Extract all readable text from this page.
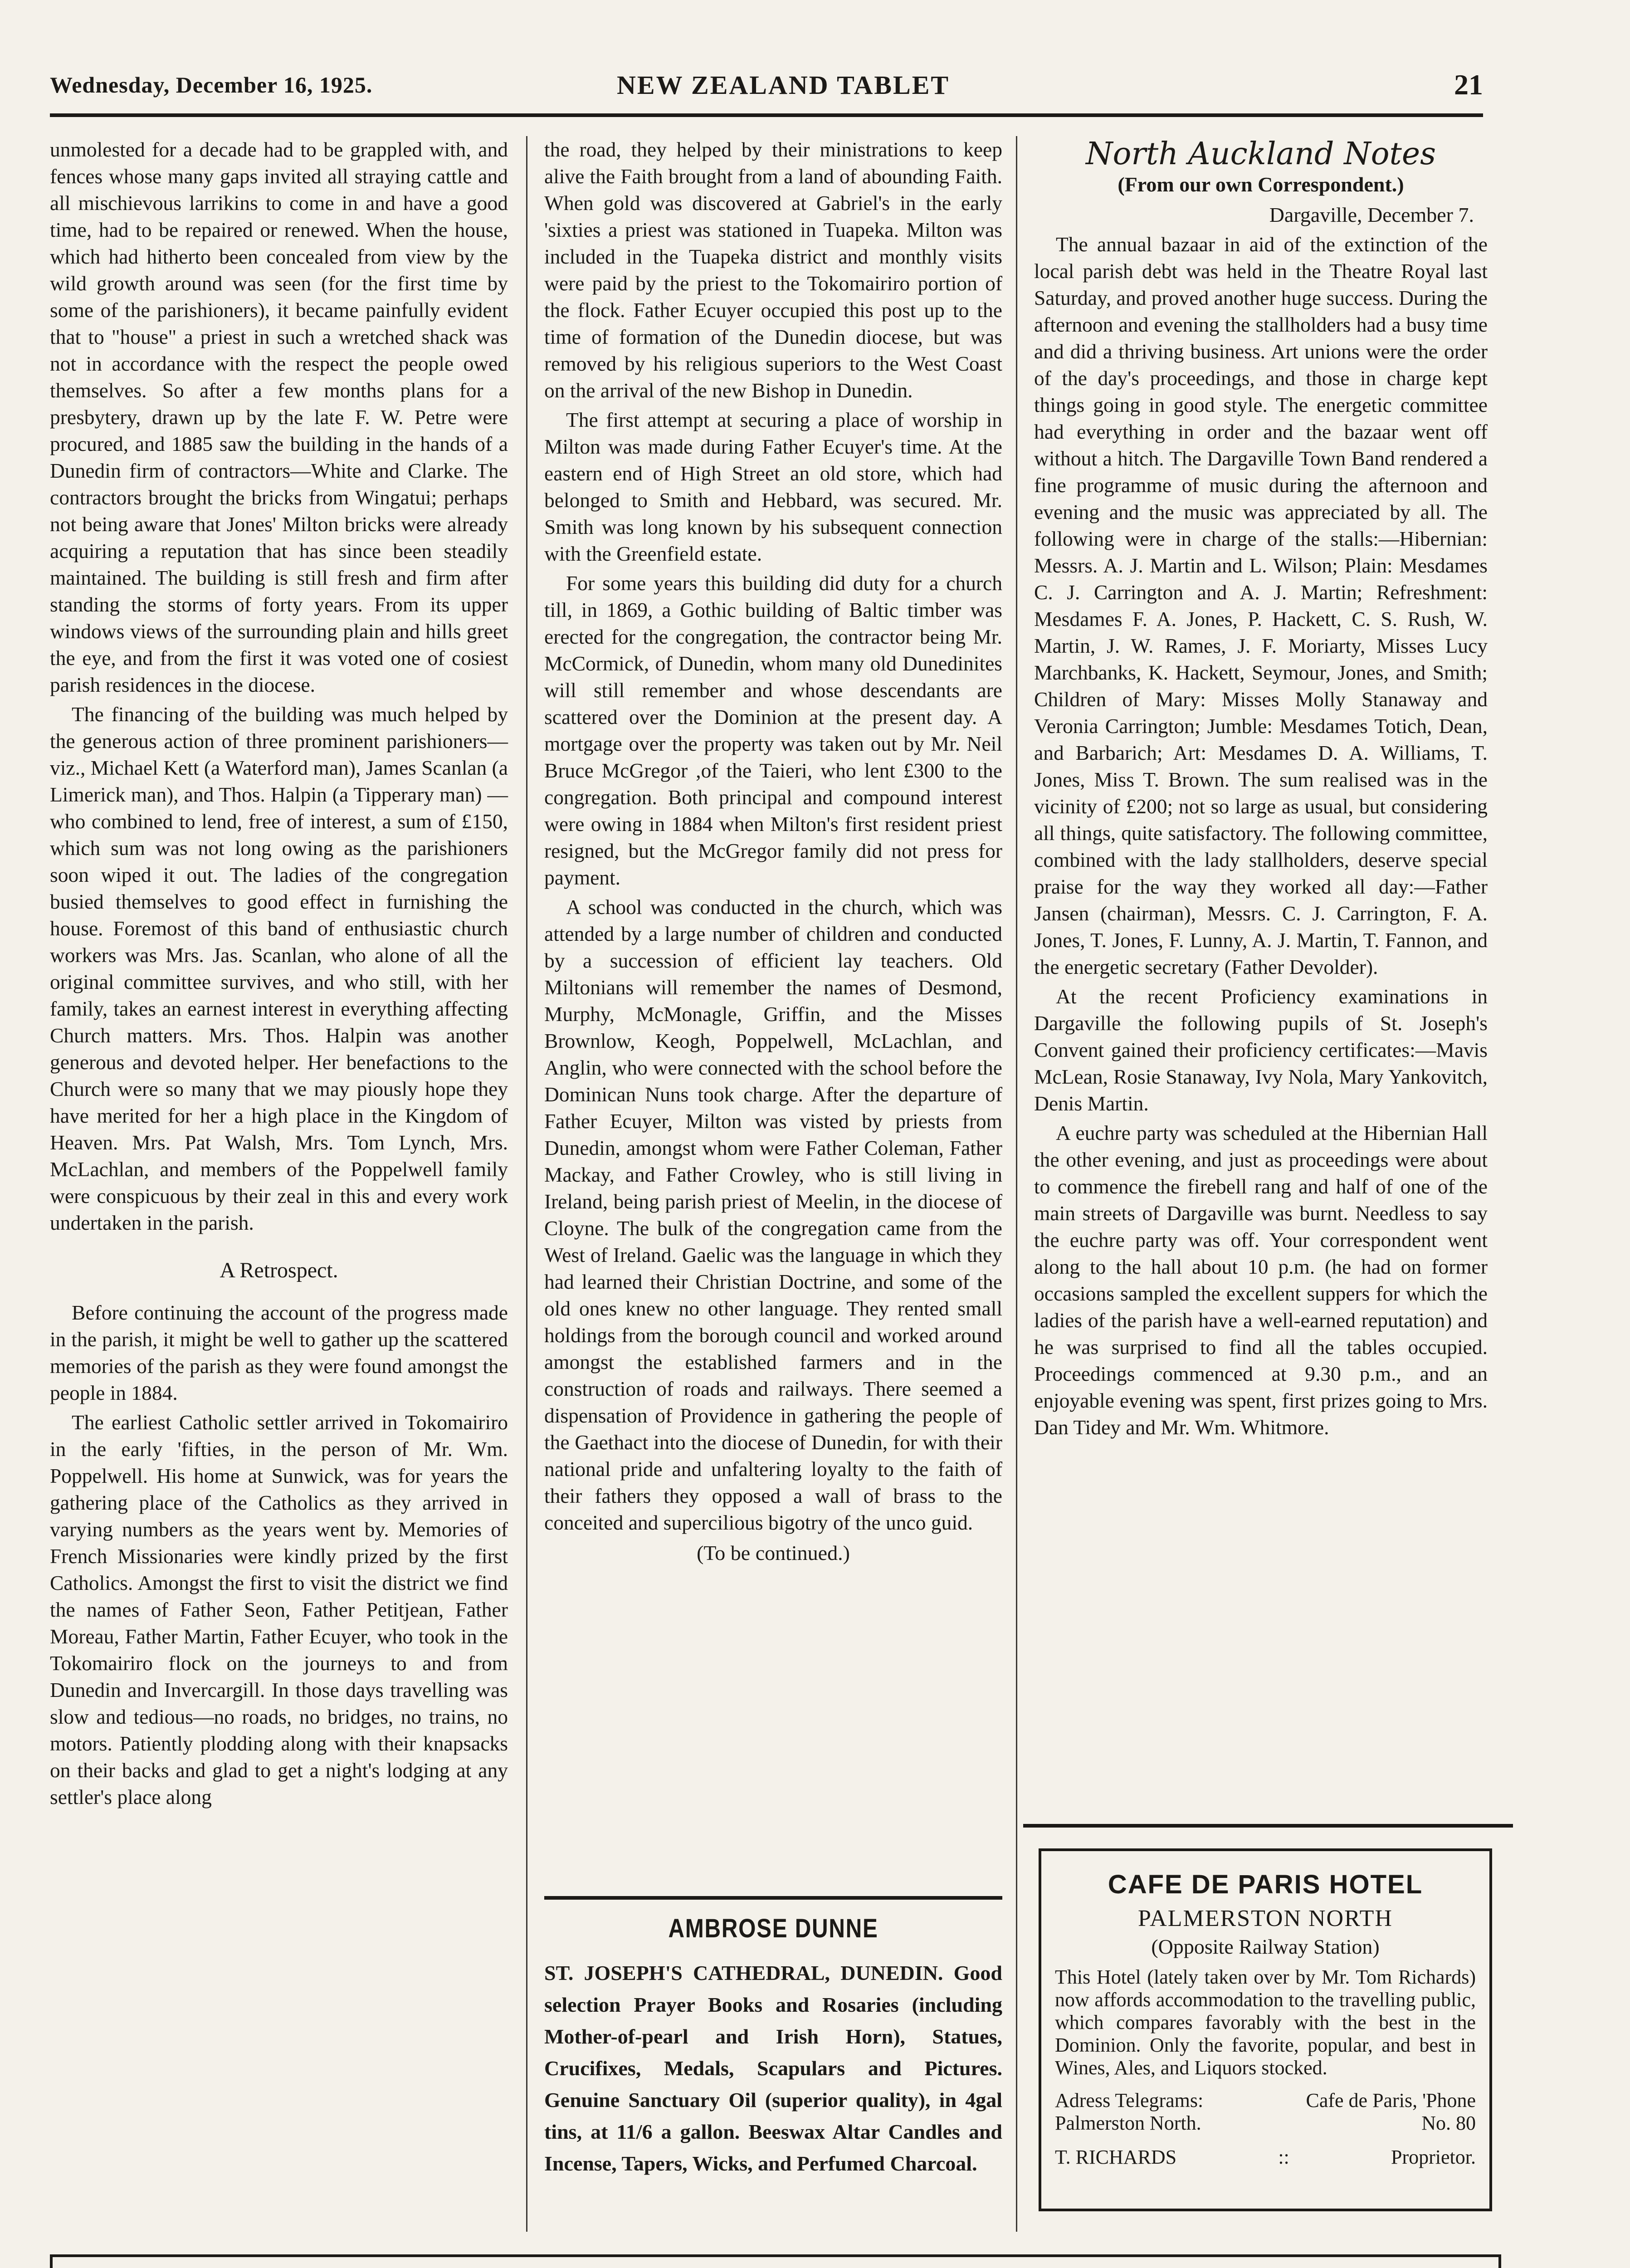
Wednesday, December 16, 1925.	NEW ZEALAND TABLET	21

unmolested for a decade had to be grappled with, and fences whose many gaps invited all straying cattle and all mischievous larrikins to come in and have a good time, had to be repaired or renewed. When the house, which had hitherto been concealed from view by the wild growth around was seen (for the first time by some of the parishioners), it became painfully evident that to "house" a priest in such a wretched shack was not in accordance with the respect the people owed themselves. So after a few months plans for a presbytery, drawn up by the late F. W. Petre were procured, and 1885 saw the building in the hands of a Dunedin firm of contractors—White and Clarke. The contractors brought the bricks from Wingatui; perhaps not being aware that Jones' Milton bricks were already acquiring a reputation that has since been steadily maintained. The building is still fresh and firm after standing the storms of forty years. From its upper windows views of the surrounding plain and hills greet the eye, and from the first it was voted one of cosiest parish residences in the diocese.

The financing of the building was much helped by the generous action of three prominent parishioners—viz., Michael Kett (a Waterford man), James Scanlan (a Limerick man), and Thos. Halpin (a Tipperary man) —who combined to lend, free of interest, a sum of £150, which sum was not long owing as the parishioners soon wiped it out. The ladies of the congregation busied themselves to good effect in furnishing the house. Foremost of this band of enthusiastic church workers was Mrs. Jas. Scanlan, who alone of all the original committee survives, and who still, with her family, takes an earnest interest in everything affecting Church matters. Mrs. Thos. Halpin was another generous and devoted helper. Her benefactions to the Church were so many that we may piously hope they have merited for her a high place in the Kingdom of Heaven. Mrs. Pat Walsh, Mrs. Tom Lynch, Mrs. McLachlan, and members of the Poppelwell family were conspicuous by their zeal in this and every work undertaken in the parish.

A Retrospect.

Before continuing the account of the progress made in the parish, it might be well to gather up the scattered memories of the parish as they were found amongst the people in 1884.

The earliest Catholic settler arrived in Tokomairiro in the early 'fifties, in the person of Mr. Wm. Poppelwell. His home at Sunwick, was for years the gathering place of the Catholics as they arrived in varying numbers as the years went by. Memories of French Missionaries were kindly prized by the first Catholics. Amongst the first to visit the district we find the names of Father Seon, Father Petitjean, Father Moreau, Father Martin, Father Ecuyer, who took in the Tokomairiro flock on the journeys to and from Dunedin and Invercargill. In those days travelling was slow and tedious—no roads, no bridges, no trains, no motors. Patiently plodding along with their knapsacks on their backs and glad to get a night's lodging at any settler's place along

the road, they helped by their ministrations to keep alive the Faith brought from a land of abounding Faith. When gold was discovered at Gabriel's in the early 'sixties a priest was stationed in Tuapeka. Milton was included in the Tuapeka district and monthly visits were paid by the priest to the Tokomairiro portion of the flock. Father Ecuyer occupied this post up to the time of formation of the Dunedin diocese, but was removed by his religious superiors to the West Coast on the arrival of the new Bishop in Dunedin.

The first attempt at securing a place of worship in Milton was made during Father Ecuyer's time. At the eastern end of High Street an old store, which had belonged to Smith and Hebbard, was secured. Mr. Smith was long known by his subsequent connection with the Greenfield estate.

For some years this building did duty for a church till, in 1869, a Gothic building of Baltic timber was erected for the congregation, the contractor being Mr. McCormick, of Dunedin, whom many old Dunedinites will still remember and whose descendants are scattered over the Dominion at the present day. A mortgage over the property was taken out by Mr. Neil Bruce McGregor ,of the Taieri, who lent £300 to the congregation. Both principal and compound interest were owing in 1884 when Milton's first resident priest resigned, but the McGregor family did not press for payment.

A school was conducted in the church, which was attended by a large number of children and conducted by a succession of efficient lay teachers. Old Miltonians will remember the names of Desmond, Murphy, McMonagle, Griffin, and the Misses Brownlow, Keogh, Poppelwell, McLachlan, and Anglin, who were connected with the school before the Dominican Nuns took charge. After the departure of Father Ecuyer, Milton was visted by priests from Dunedin, amongst whom were Father Coleman, Father Mackay, and Father Crowley, who is still living in Ireland, being parish priest of Meelin, in the diocese of Cloyne. The bulk of the congregation came from the West of Ireland. Gaelic was the language in which they had learned their Christian Doctrine, and some of the old ones knew no other language. They rented small holdings from the borough council and worked around amongst the established farmers and in the construction of roads and railways. There seemed a dispensation of Providence in gathering the people of the Gaethact into the diocese of Dunedin, for with their national pride and unfaltering loyalty to the faith of their fathers they opposed a wall of brass to the conceited and supercilious bigotry of the unco guid.

(To be continued.)
North Auckland Notes
(From our own Correspondent.)
Dargaville, December 7.

The annual bazaar in aid of the extinction of the local parish debt was held in the Theatre Royal last Saturday, and proved another huge success. During the afternoon and evening the stallholders had a busy time and did a thriving business. Art unions were the order of the day's proceedings, and those in charge kept things going in good style. The energetic committee had everything in order and the bazaar went off without a hitch. The Dargaville Town Band rendered a fine programme of music during the afternoon and evening and the music was appreciated by all. The following were in charge of the stalls:—Hibernian: Messrs. A. J. Martin and L. Wilson; Plain: Mesdames C. J. Carrington and A. J. Martin; Refreshment: Mesdames F. A. Jones, P. Hackett, C. S. Rush, W. Martin, J. W. Rames, J. F. Moriarty, Misses Lucy Marchbanks, K. Hackett, Seymour, Jones, and Smith; Children of Mary: Misses Molly Stanaway and Veronia Carrington; Jumble: Mesdames Totich, Dean, and Barbarich; Art: Mesdames D. A. Williams, T. Jones, Miss T. Brown. The sum realised was in the vicinity of £200; not so large as usual, but considering all things, quite satisfactory. The following committee, combined with the lady stallholders, deserve special praise for the way they worked all day:—Father Jansen (chairman), Messrs. C. J. Carrington, F. A. Jones, T. Jones, F. Lunny, A. J. Martin, T. Fannon, and the energetic secretary (Father Devolder).

At the recent Proficiency examinations in Dargaville the following pupils of St. Joseph's Convent gained their proficiency certificates:—Mavis McLean, Rosie Stanaway, Ivy Nola, Mary Yankovitch, Denis Martin.

A euchre party was scheduled at the Hibernian Hall the other evening, and just as proceedings were about to commence the firebell rang and half of one of the main streets of Dargaville was burnt. Needless to say the euchre party was off. Your correspondent went along to the hall about 10 p.m. (he had on former occasions sampled the excellent suppers for which the ladies of the parish have a well-earned reputation) and he was surprised to find all the tables occupied. Proceedings commenced at 9.30 p.m., and an enjoyable evening was spent, first prizes going to Mrs. Dan Tidey and Mr. Wm. Whitmore.

AMBROSE DUNNE
ST. JOSEPH'S CATHEDRAL, DUNEDIN. Good selection Prayer Books and Rosaries (including Mother-of-pearl and Irish Horn), Statues, Crucifixes, Medals, Scapulars and Pictures. Genuine Sanctuary Oil (superior quality), in 4gal tins, at 11/6 a gallon. Beeswax Altar Candles and Incense, Tapers, Wicks, and Perfumed Charcoal.
CAFE DE PARIS HOTEL
PALMERSTON NORTH
(Opposite Railway Station)
This Hotel (lately taken over by Mr. Tom Richards) now affords accommodation to the travelling public, which compares favorably with the best in the Dominion. Only the favorite, popular, and best in Wines, Ales, and Liquors stocked.
Adress Telegrams: Palmerston North.
Cafe de Paris, 'Phone No. 80
T. RICHARDS	::	Proprietor.
